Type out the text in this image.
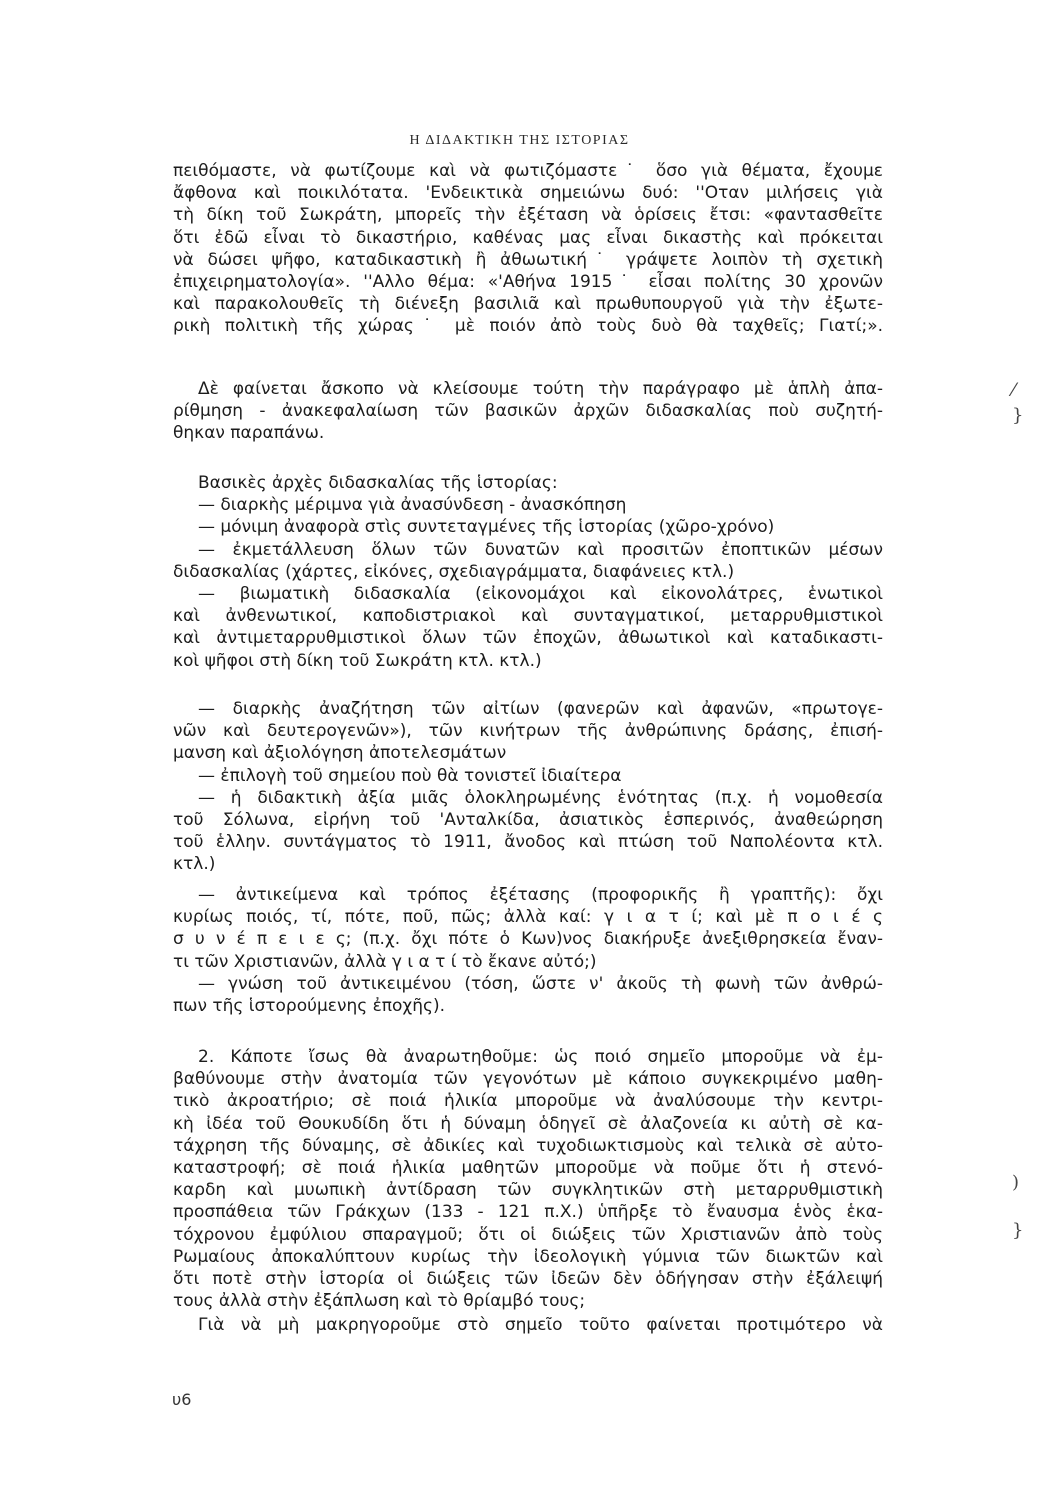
Η ΔΙΔΑΚΤΙΚΗ ΤΗΣ ΙΣΤΟΡΙΑΣ
πειθόμαστε, νὰ φωτίζουμε καὶ νὰ φωτιζόμαστε˙ ὅσο γιὰ θέματα, ἔχουμε
ἄφθονα καὶ ποικιλότατα. 'Ενδεικτικὰ σημειώνω δυό: ''Οταν μιλήσεις γιὰ
τὴ δίκη τοῦ Σωκράτη, μπορεῖς τὴν ἐξέταση νὰ ὁρίσεις ἔτσι: «φαντασθεῖτε
ὅτι ἐδῶ εἶναι τὸ δικαστήριο, καθένας μας εἶναι δικαστὴς καὶ πρόκειται
νὰ δώσει ψῆφο, καταδικαστικὴ ἢ ἀθωωτική˙ γράψετε λοιπὸν τὴ σχετικὴ
ἐπιχειρηματολογία». ''Αλλο θέμα: «'Αθήνα 1915˙ εἶσαι πολίτης 30 χρονῶν
καὶ παρακολουθεῖς τὴ διένεξη βασιλιᾶ καὶ πρωθυπουργοῦ γιὰ τὴν ἐξωτε-
ρικὴ πολιτικὴ τῆς χώρας˙ μὲ ποιόν ἀπὸ τοὺς δυὸ θὰ ταχθεῖς; Γιατί;».
Δὲ φαίνεται ἄσκοπο νὰ κλείσουμε τούτη τὴν παράγραφο μὲ ἁπλὴ ἀπα-
ρίθμηση - ἀνακεφαλαίωση τῶν βασικῶν ἀρχῶν διδασκαλίας ποὺ συζητή-
θηκαν παραπάνω.
Βασικὲς ἀρχὲς διδασκαλίας τῆς ἱστορίας:
— διαρκὴς μέριμνα γιὰ ἀνασύνδεση - ἀνασκόπηση
— μόνιμη ἀναφορὰ στὶς συντεταγμένες τῆς ἱστορίας (χῶρο-χρόνο)
— ἐκμετάλλευση ὅλων τῶν δυνατῶν καὶ προσιτῶν ἐποπτικῶν μέσων
διδασκαλίας (χάρτες, εἰκόνες, σχεδιαγράμματα, διαφάνειες κτλ.)
— βιωματικὴ διδασκαλία (εἰκονομάχοι καὶ εἰκονολάτρες, ἑνωτικοὶ
καὶ ἀνθενωτικοί, καποδιστριακοὶ καὶ συνταγματικοί, μεταρρυθμιστικοὶ
καὶ ἀντιμεταρρυθμιστικοὶ ὅλων τῶν ἐποχῶν, ἀθωωτικοὶ καὶ καταδικαστι-
κοὶ ψῆφοι στὴ δίκη τοῦ Σωκράτη κτλ. κτλ.)
— διαρκὴς ἀναζήτηση τῶν αἰτίων (φανερῶν καὶ ἀφανῶν, «πρωτογε-
νῶν καὶ δευτερογενῶν»), τῶν κινήτρων τῆς ἀνθρώπινης δράσης, ἐπισή-
μανση καὶ ἀξιολόγηση ἀποτελεσμάτων
— ἐπιλογὴ τοῦ σημείου ποὺ θὰ τονιστεῖ ἰδιαίτερα
— ἡ διδακτικὴ ἀξία μιᾶς ὁλοκληρωμένης ἑνότητας (π.χ. ἡ νομοθεσία
τοῦ Σόλωνα, εἰρήνη τοῦ 'Ανταλκίδα, ἀσιατικὸς ἑσπερινός, ἀναθεώρηση
τοῦ ἑλλην. συντάγματος τὸ 1911, ἄνοδος καὶ πτώση τοῦ Ναπολέοντα κτλ.
κτλ.)
— ἀντικείμενα καὶ τρόπος ἐξέτασης (προφορικῆς ἢ γραπτῆς): ὄχι
κυρίως ποιός, τί, πότε, ποῦ, πῶς; ἀλλὰ καί: γ ι α τ ί; καὶ μὲ π ο ι έ ς
σ υ ν έ π ε ι ε ς; (π.χ. ὄχι πότε ὁ Κων)νος διακήρυξε ἀνεξιθρησκεία ἔναν-
τι τῶν Χριστιανῶν, ἀλλὰ γ ι α τ ί τὸ ἔκανε αὐτό;)
— γνώση τοῦ ἀντικειμένου (τόση, ὥστε ν' ἀκοῦς τὴ φωνὴ τῶν ἀνθρώ-
πων τῆς ἱστορούμενης ἐποχῆς).
2. Κάποτε ἴσως θὰ ἀναρωτηθοῦμε: ὡς ποιό σημεῖο μποροῦμε νὰ ἐμ-
βαθύνουμε στὴν ἀνατομία τῶν γεγονότων μὲ κάποιο συγκεκριμένο μαθη-
τικὸ ἀκροατήριο; σὲ ποιά ἡλικία μποροῦμε νὰ ἀναλύσουμε τὴν κεντρι-
κὴ ἰδέα τοῦ Θουκυδίδη ὅτι ἡ δύναμη ὁδηγεῖ σὲ ἀλαζονεία κι αὐτὴ σὲ κα-
τάχρηση τῆς δύναμης, σὲ ἀδικίες καὶ τυχοδιωκτισμοὺς καὶ τελικὰ σὲ αὐτο-
καταστροφή; σὲ ποιά ἡλικία μαθητῶν μποροῦμε νὰ ποῦμε ὅτι ἡ στενό-
καρδη καὶ μυωπικὴ ἀντίδραση τῶν συγκλητικῶν στὴ μεταρρυθμιστικὴ
προσπάθεια τῶν Γράκχων (133 - 121 π.Χ.) ὑπῆρξε τὸ ἔναυσμα ἑνὸς ἑκα-
τόχρονου ἐμφύλιου σπαραγμοῦ; ὅτι οἱ διώξεις τῶν Χριστιανῶν ἀπὸ τοὺς
Ρωμαίους ἀποκαλύπτουν κυρίως τὴν ἰδεολογικὴ γύμνια τῶν διωκτῶν καὶ
ὅτι ποτὲ στὴν ἱστορία οἱ διώξεις τῶν ἰδεῶν δὲν ὁδήγησαν στὴν ἐξάλειψή
τους ἀλλὰ στὴν ἐξάπλωση καὶ τὸ θρίαμβό τους;
Γιὰ νὰ μὴ μακρηγοροῦμε στὸ σημεῖο τοῦτο φαίνεται προτιμότερο νὰ
υ6
⁄
}
)
}
